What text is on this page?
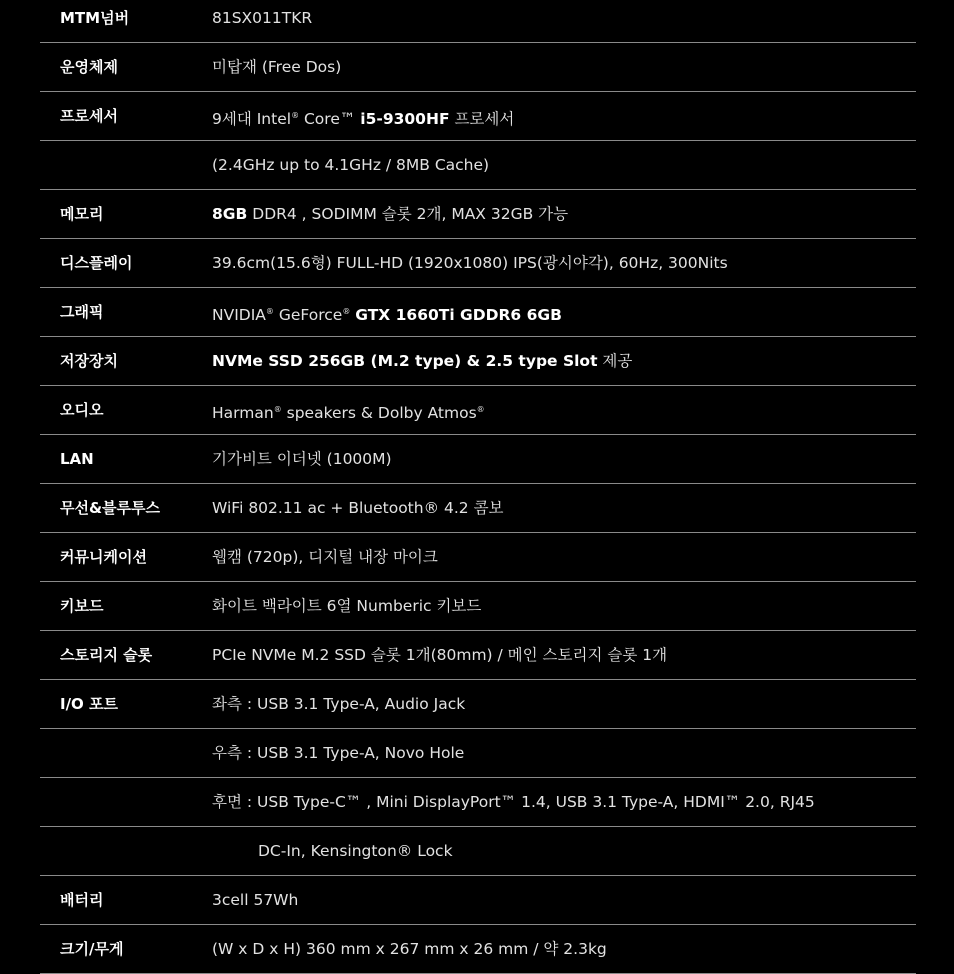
MTM넘버	81SX011TKR
운영체제	미탑재 (Free Dos)
프로세서	9세대 Intel® Core™ i5-9300HF 프로세서
(2.4GHz up to 4.1GHz / 8MB Cache)
메모리	8GB DDR4 , SODIMM 슬롯 2개, MAX 32GB 가능
디스플레이	39.6cm(15.6형) FULL-HD (1920x1080) IPS(광시야각), 60Hz, 300Nits
그래픽	NVIDIA® GeForce® GTX 1660Ti GDDR6 6GB
저장장치	NVMe SSD 256GB (M.2 type) & 2.5 type Slot 제공
오디오	Harman® speakers & Dolby Atmos®
LAN	기가비트 이더넷 (1000M)
무선&블루투스	WiFi 802.11 ac + Bluetooth® 4.2 콤보
커뮤니케이션	웹캠 (720p), 디지털 내장 마이크
키보드	화이트 백라이트 6열 Numberic 키보드
스토리지 슬롯	PCIe NVMe M.2 SSD 슬롯 1개(80mm) / 메인 스토리지 슬롯 1개
I/O 포트	좌측 : USB 3.1 Type-A, Audio Jack
우측 : USB 3.1 Type-A, Novo Hole
후면 : USB Type-C™ , Mini DisplayPort™ 1.4, USB 3.1 Type-A, HDMI™ 2.0, RJ45
DC-In, Kensington® Lock
배터리	3cell 57Wh
크기/무게	(W x D x H) 360 mm x 267 mm x 26 mm / 약 2.3kg
